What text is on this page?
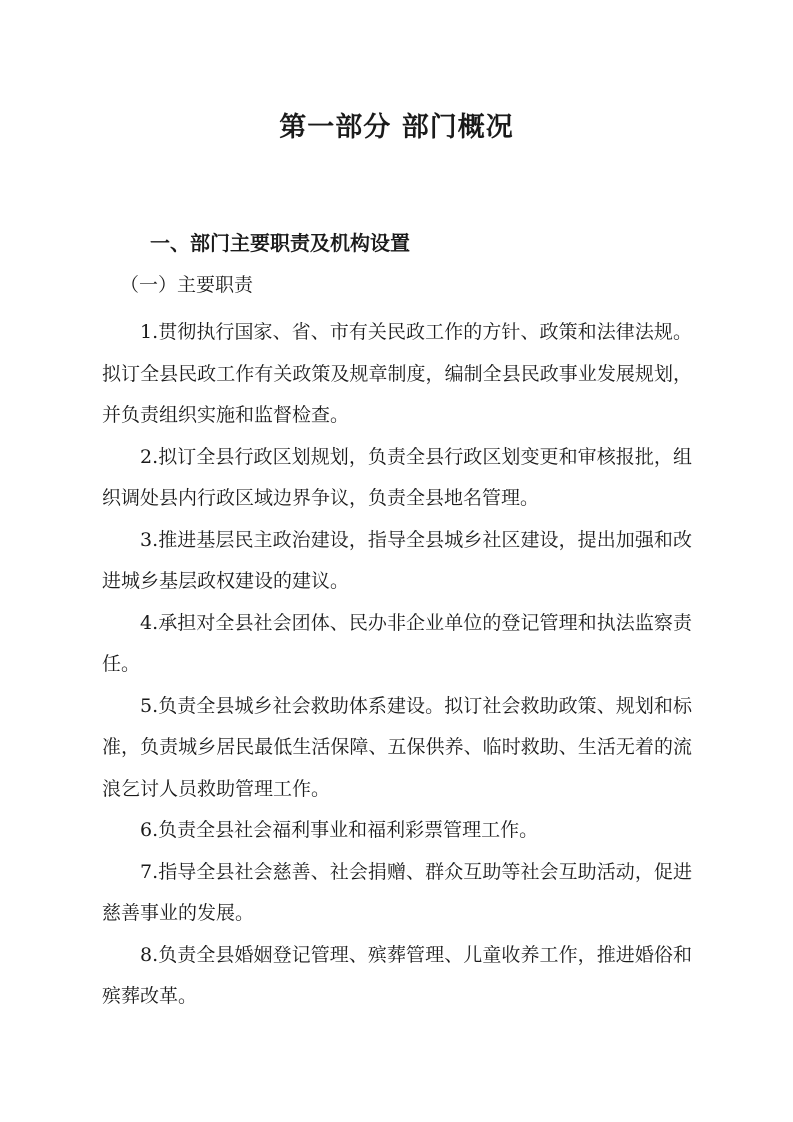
第一部分 部门概况
一、部门主要职责及机构设置
（一）主要职责

1.贯彻执行国家、省、市有关民政工作的方针、政策和法律法规。拟订全县民政工作有关政策及规章制度，编制全县民政事业发展规划，并负责组织实施和监督检查。

2.拟订全县行政区划规划，负责全县行政区划变更和审核报批，组织调处县内行政区域边界争议，负责全县地名管理。

3.推进基层民主政治建设，指导全县城乡社区建设，提出加强和改进城乡基层政权建设的建议。

4.承担对全县社会团体、民办非企业单位的登记管理和执法监察责任。

5.负责全县城乡社会救助体系建设。拟订社会救助政策、规划和标准，负责城乡居民最低生活保障、五保供养、临时救助、生活无着的流浪乞讨人员救助管理工作。

6.负责全县社会福利事业和福利彩票管理工作。

7.指导全县社会慈善、社会捐赠、群众互助等社会互助活动，促进慈善事业的发展。

8.负责全县婚姻登记管理、殡葬管理、儿童收养工作，推进婚俗和殡葬改革。
